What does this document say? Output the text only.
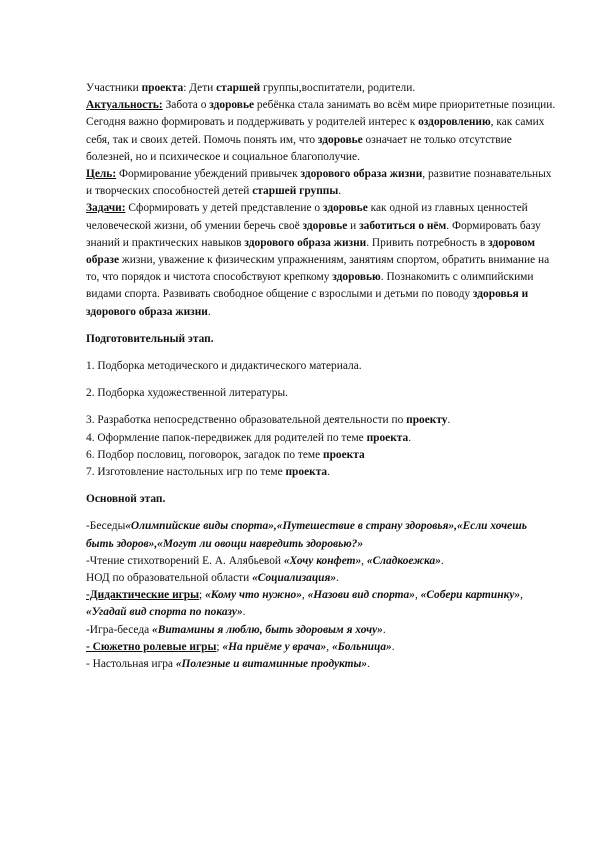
Участники проекта: Дети старшей группы,воспитатели, родители.

Актуальность: Забота о здоровье ребёнка стала занимать во всём мире приоритетные позиции. Сегодня важно формировать и поддерживать у родителей интерес к оздоровлению, как самих себя, так и своих детей. Помочь понять им, что здоровье означает не только отсутствие болезней, но и психическое и социальное благополучие.

Цель: Формирование убеждений привычек здорового образа жизни, развитие познавательных и творческих способностей детей старшей группы.

Задачи: Сформировать у детей представление о здоровье как одной из главных ценностей человеческой жизни, об умении беречь своё здоровье и заботиться о нём. Формировать базу знаний и практических навыков здорового образа жизни. Привить потребность в здоровом образе жизни, уважение к физическим упражнениям, занятиям спортом, обратить внимание на то, что порядок и чистота способствуют крепкому здоровью. Познакомить с олимпийскими видами спорта. Развивать свободное общение с взрослыми и детьми по поводу здоровья и здорового образа жизни.

Подготовительный этап.

1. Подборка методического и дидактического материала.

2. Подборка художественной литературы.

3. Разработка непосредственно образовательной деятельности по проекту.

4. Оформление папок-передвижек для родителей по теме проекта.

6. Подбор пословиц, поговорок, загадок по теме проекта

7. Изготовление настольных игр по теме проекта.

Основной этап.

-Беседы«Олимпийские виды спорта»,«Путешествие в страну здоровья»,«Если хочешь быть здоров»,«Могут ли овощи навредить здоровью?»

-Чтение стихотворений Е. А. Алябьевой «Хочу конфет», «Сладкоежка».

НОД по образовательной области «Социализация».

-Дидактические игры; «Кому что нужно», «Назови вид спорта», «Собери картинку», «Угадай вид спорта по показу».

-Игра-беседа «Витамины я люблю, быть здоровым я хочу».

- Сюжетно ролевые игры; «На приёме у врача», «Больница».

- Настольная игра «Полезные и витаминные продукты».
